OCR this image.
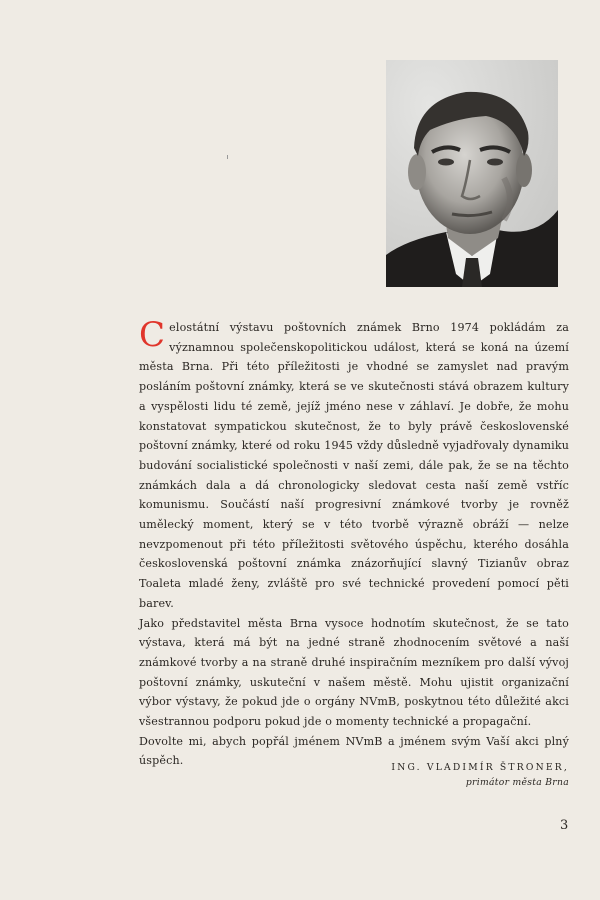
Celostátní výstavu poštovních známek Brno 1974 pokládám za významnou společenskopolitickou událost, která se koná na území města Brna. Při této příležitosti je vhodné se zamyslet nad pravým posláním poštovní známky, která se ve skutečnosti stává obrazem kultury a vyspělosti lidu té země, jejíž jméno nese v záhlaví. Je dobře, že mohu konstatovat sympatickou skutečnost, že to byly právě československé poštovní známky, které od roku 1945 vždy důsledně vyjadřovaly dynamiku budování socialistické společnosti v naší zemi, dále pak, že se na těchto známkách dala a dá chronologicky sledovat cesta naší země vstříc komunismu. Součástí naší progresivní známkové tvorby je rovněž umělecký moment, který se v této tvorbě výrazně obráží — nelze nevzpomenout při této příležitosti světového úspěchu, kterého dosáhla československá poštovní známka znázorňující slavný Tizianův obraz Toaleta mladé ženy, zvláště pro své technické provedení pomocí pěti barev.

Jako představitel města Brna vysoce hodnotím skutečnost, že se tato výstava, která má být na jedné straně zhodnocením světové a naší známkové tvorby a na straně druhé inspiračním mezníkem pro další vývoj poštovní známky, uskuteční v našem městě. Mohu ujistit organizační výbor výstavy, že pokud jde o orgány NVmB, poskytnou této důležité akci všestrannou podporu pokud jde o momenty technické a propagační.

Dovolte mi, abych popřál jménem NVmB a jménem svým Vaší akci plný úspěch.

ING. VLADIMÍR ŠTRONER,
primátor města Brna
3
